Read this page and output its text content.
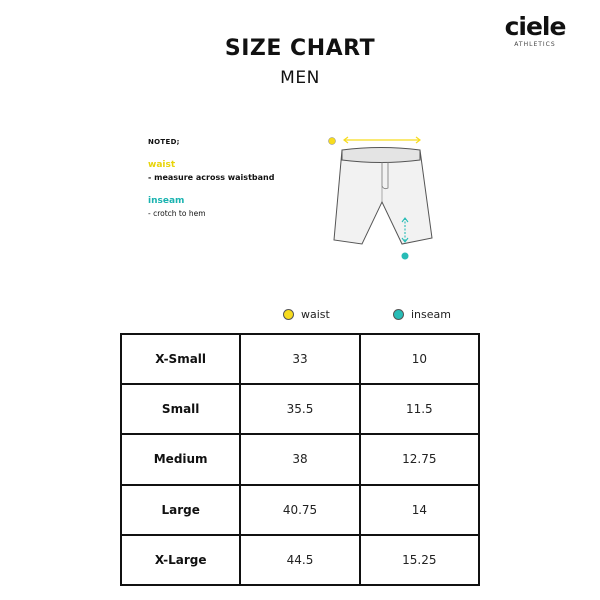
ciele
ATHLETICS
SIZE CHART
MEN
NOTED;
waist
- measure across waistband
inseam
- crotch to hem
waist	inseam
X-Small	33	10
Small	35.5	11.5
Medium	38	12.75
Large	40.75	14
X-Large	44.5	15.25
